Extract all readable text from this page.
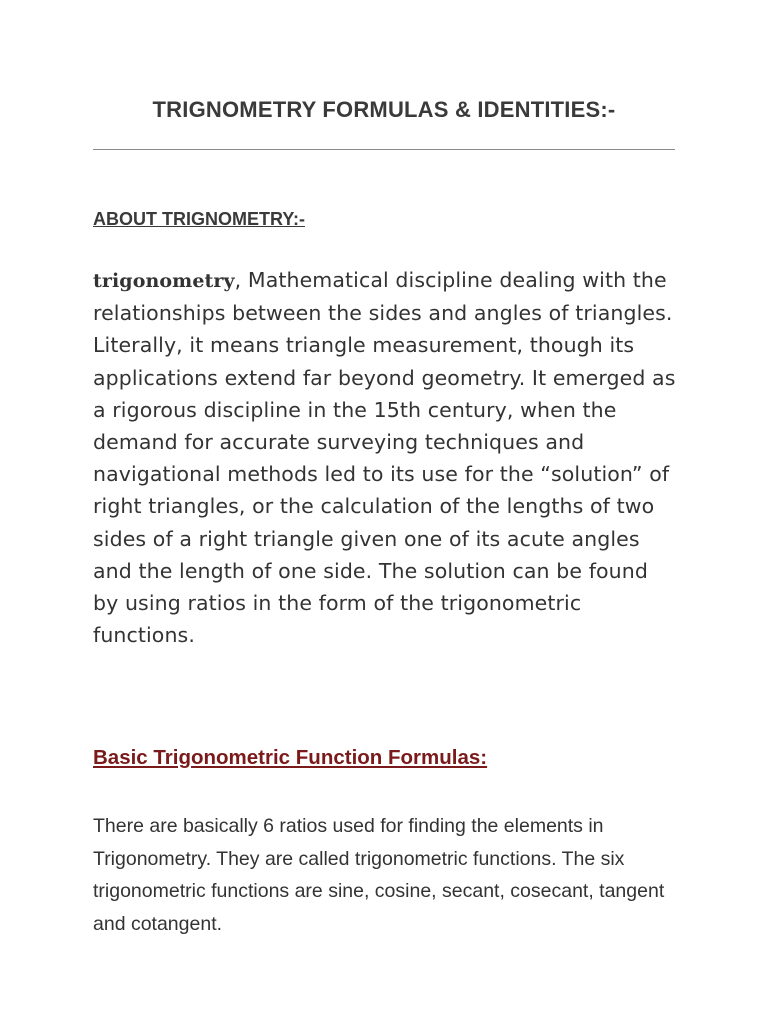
TRIGNOMETRY FORMULAS & IDENTITIES:-
ABOUT TRIGNOMETRY:-

trigonometry, Mathematical discipline dealing with the relationships between the sides and angles of triangles. Literally, it means triangle measurement, though its applications extend far beyond geometry. It emerged as a rigorous discipline in the 15th century, when the demand for accurate surveying techniques and navigational methods led to its use for the “solution” of right triangles, or the calculation of the lengths of two sides of a right triangle given one of its acute angles and the length of one side. The solution can be found by using ratios in the form of the trigonometric functions.

Basic Trigonometric Function Formulas:

There are basically 6 ratios used for finding the elements in Trigonometry. They are called trigonometric functions. The six trigonometric functions are sine, cosine, secant, cosecant, tangent and cotangent.
